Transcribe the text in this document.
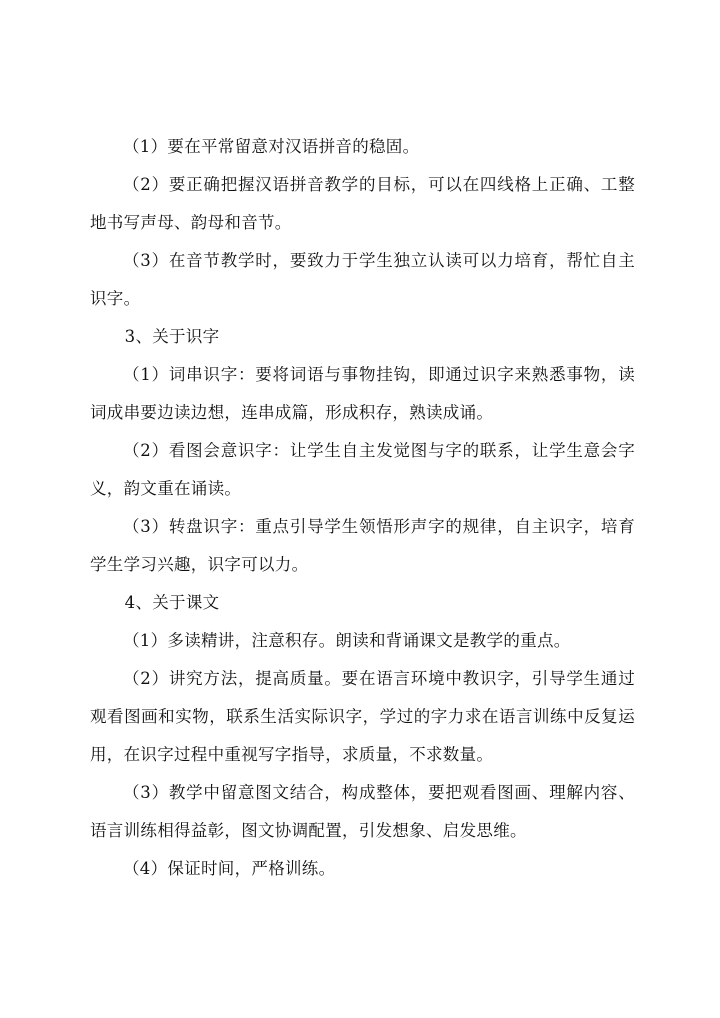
（1）要在平常留意对汉语拼音的稳固。

（2）要正确把握汉语拼音教学的目标，可以在四线格上正确、工整地书写声母、韵母和音节。

（3）在音节教学时，要致力于学生独立认读可以力培育，帮忙自主识字。

3、关于识字

（1）词串识字：要将词语与事物挂钩，即通过识字来熟悉事物，读词成串要边读边想，连串成篇，形成积存，熟读成诵。

（2）看图会意识字：让学生自主发觉图与字的联系，让学生意会字义，韵文重在诵读。

（3）转盘识字：重点引导学生领悟形声字的规律，自主识字，培育学生学习兴趣，识字可以力。

4、关于课文

（1）多读精讲，注意积存。朗读和背诵课文是教学的重点。

（2）讲究方法，提高质量。要在语言环境中教识字，引导学生通过观看图画和实物，联系生活实际识字，学过的字力求在语言训练中反复运用，在识字过程中重视写字指导，求质量，不求数量。

（3）教学中留意图文结合，构成整体，要把观看图画、理解内容、语言训练相得益彰，图文协调配置，引发想象、启发思维。

（4）保证时间，严格训练。
